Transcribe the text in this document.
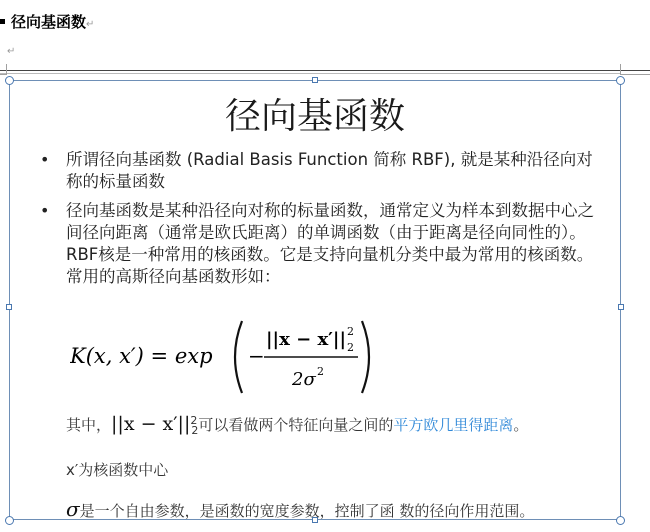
径向基函数↵
↵
径向基函数
• 所谓径向基函数 (Radial Basis Function 简称 RBF), 就是某种沿径向对称的标量函数
• 径向基函数是某种沿径向对称的标量函数，通常定义为样本到数据中心之间径向距离（通常是欧氏距离）的单调函数（由于距离是径向同性的）。RBF核是一种常用的核函数。它是支持向量机分类中最为常用的核函数。常用的高斯径向基函数形如：
K(x, x′) = exp −
||x − x′|| 2
2
2σ 2
其中，$||x - x'||^2_2$可以看做两个特征向量之间的平方欧几里得距离。
x′为核函数中心
σ是一个自由参数，是函数的宽度参数，控制了函 数的径向作用范围。
